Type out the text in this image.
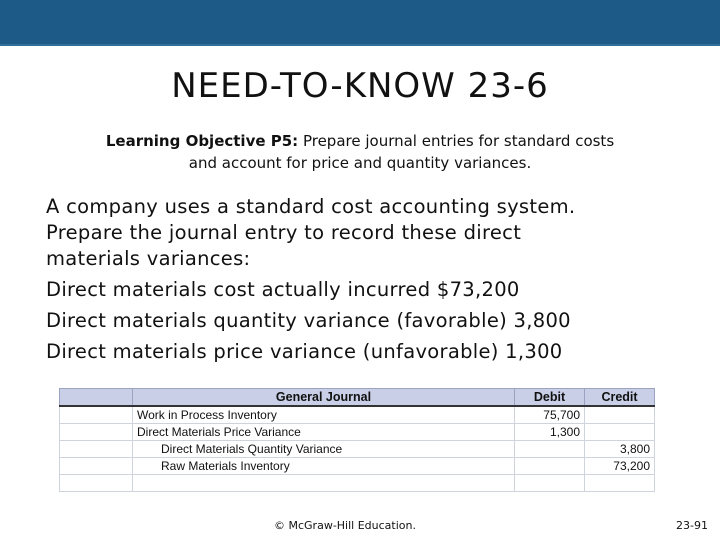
NEED-TO-KNOW 23-6
Learning Objective P5: Prepare journal entries for standard costs
and account for price and quantity variances.

A company uses a standard cost accounting system.

Prepare the journal entry to record these direct

materials variances:

Direct materials cost actually incurred $73,200

Direct materials quantity variance (favorable) 3,800

Direct materials price variance (unfavorable) 1,300

	General Journal	Debit	Credit
	Work in Process Inventory	75,700	
	Direct Materials Price Variance	1,300	
	Direct Materials Quantity Variance		3,800
	Raw Materials Inventory		73,200

© McGraw-Hill Education.	23-91
